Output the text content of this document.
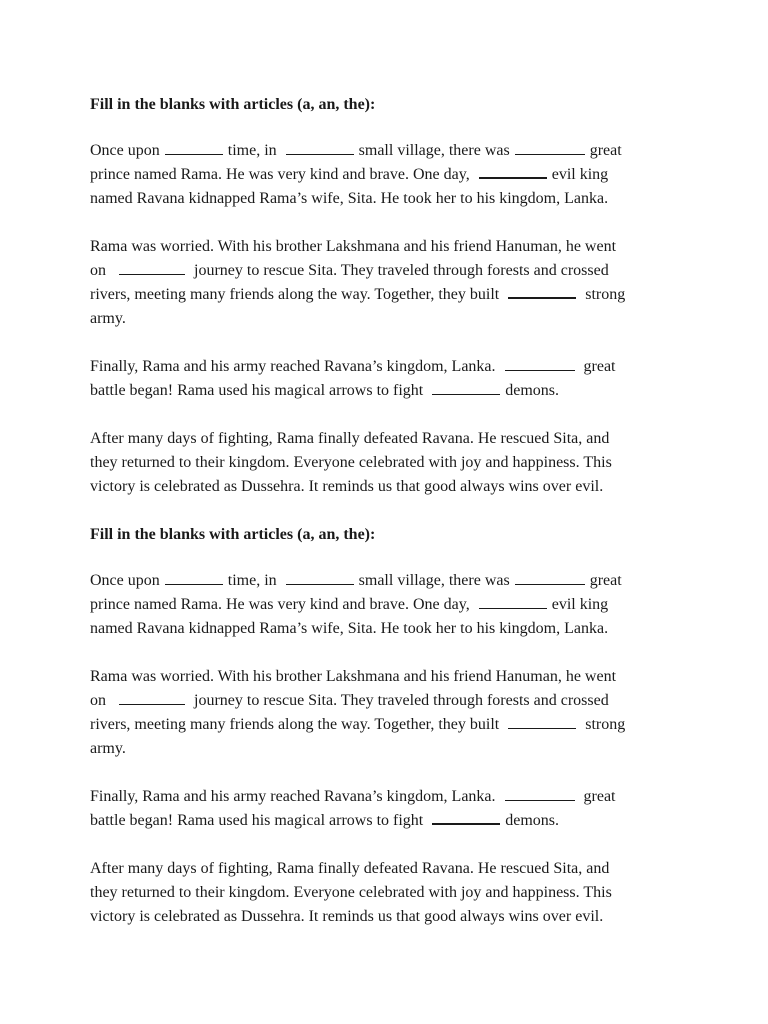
Fill in the blanks with articles (a, an, the):
Once upon	time, in	small village, there was	great
prince named Rama. He was very kind and brave. One day,	evil king
named Ravana kidnapped Rama’s wife, Sita. He took her to his kingdom, Lanka.
Rama was worried. With his brother Lakshmana and his friend Hanuman, he went
on	journey to rescue Sita. They traveled through forests and crossed
rivers, meeting many friends along the way. Together, they built	strong
army.
Finally, Rama and his army reached Ravana’s kingdom, Lanka.	great
battle began! Rama used his magical arrows to fight	demons.
After many days of fighting, Rama finally defeated Ravana. He rescued Sita, and
they returned to their kingdom. Everyone celebrated with joy and happiness. This
victory is celebrated as Dussehra. It reminds us that good always wins over evil.
Fill in the blanks with articles (a, an, the):
Once upon	time, in	small village, there was	great
prince named Rama. He was very kind and brave. One day,	evil king
named Ravana kidnapped Rama’s wife, Sita. He took her to his kingdom, Lanka.
Rama was worried. With his brother Lakshmana and his friend Hanuman, he went
on	journey to rescue Sita. They traveled through forests and crossed
rivers, meeting many friends along the way. Together, they built	strong
army.
Finally, Rama and his army reached Ravana’s kingdom, Lanka.	great
battle began! Rama used his magical arrows to fight	demons.
After many days of fighting, Rama finally defeated Ravana. He rescued Sita, and
they returned to their kingdom. Everyone celebrated with joy and happiness. This
victory is celebrated as Dussehra. It reminds us that good always wins over evil.
